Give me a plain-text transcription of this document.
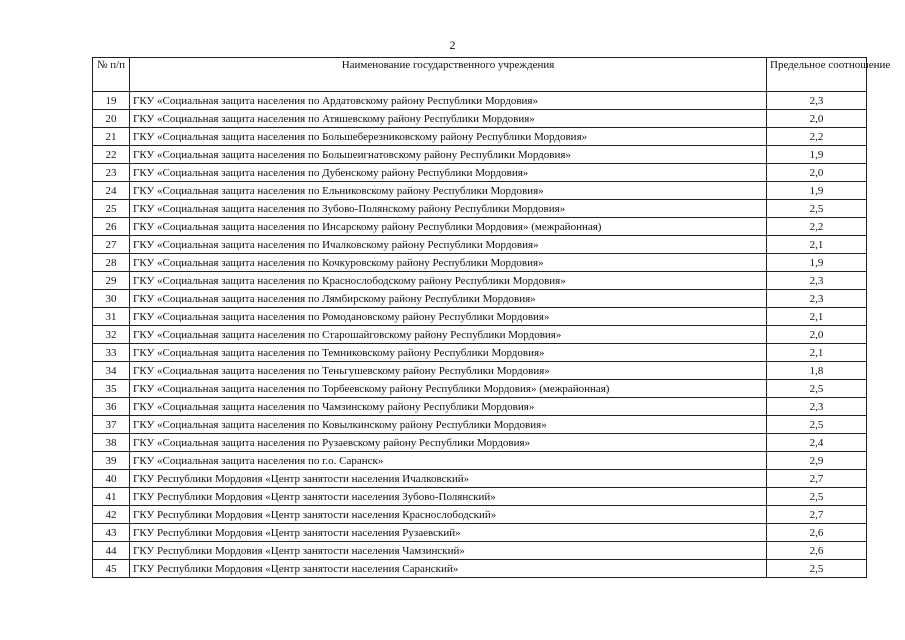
2
№ п/п	Наименование государственного учреждения	Предельное соотношение
19	ГКУ «Социальная защита населения по Ардатовскому району Республики Мордовия»	2,3
20	ГКУ «Социальная защита населения по Атяшевскому району Республики Мордовия»	2,0
21	ГКУ «Социальная защита населения по Большеберезниковскому району Республики Мордовия»	2,2
22	ГКУ «Социальная защита населения по Большеигнатовскому району Республики Мордовия»	1,9
23	ГКУ «Социальная защита населения по Дубенскому району Республики Мордовия»	2,0
24	ГКУ «Социальная защита населения по Ельниковскому району Республики Мордовия»	1,9
25	ГКУ «Социальная защита населения по Зубово-Полянскому району Республики Мордовия»	2,5
26	ГКУ «Социальная защита населения по Инсарскому району Республики Мордовия» (межрайонная)	2,2
27	ГКУ «Социальная защита населения по Ичалковскому району Республики Мордовия»	2,1
28	ГКУ «Социальная защита населения по Кочкуровскому району Республики Мордовия»	1,9
29	ГКУ «Социальная защита населения по Краснослободскому району Республики Мордовия»	2,3
30	ГКУ «Социальная защита населения по Лямбирскому району Республики Мордовия»	2,3
31	ГКУ «Социальная защита населения по Ромодановскому району Республики Мордовия»	2,1
32	ГКУ «Социальная защита населения по Старошайговскому району Республики Мордовия»	2,0
33	ГКУ «Социальная защита населения по Темниковскому району Республики Мордовия»	2,1
34	ГКУ «Социальная защита населения по Теньгушевскому району Республики Мордовия»	1,8
35	ГКУ «Социальная защита населения по Торбеевскому району Республики Мордовия» (межрайонная)	2,5
36	ГКУ «Социальная защита населения по Чамзинскому району Республики Мордовия»	2,3
37	ГКУ «Социальная защита населения по Ковылкинскому району Республики Мордовия»	2,5
38	ГКУ «Социальная защита населения по Рузаевскому району Республики Мордовия»	2,4
39	ГКУ «Социальная защита населения по г.о. Саранск»	2,9
40	ГКУ Республики Мордовия «Центр занятости населения Ичалковский»	2,7
41	ГКУ Республики Мордовия «Центр занятости населения Зубово-Полянский»	2,5
42	ГКУ Республики Мордовия «Центр занятости населения Краснослободский»	2,7
43	ГКУ Республики Мордовия «Центр занятости населения Рузаевский»	2,6
44	ГКУ Республики Мордовия «Центр занятости населения Чамзинский»	2,6
45	ГКУ Республики Мордовия «Центр занятости населения Саранский»	2,5
